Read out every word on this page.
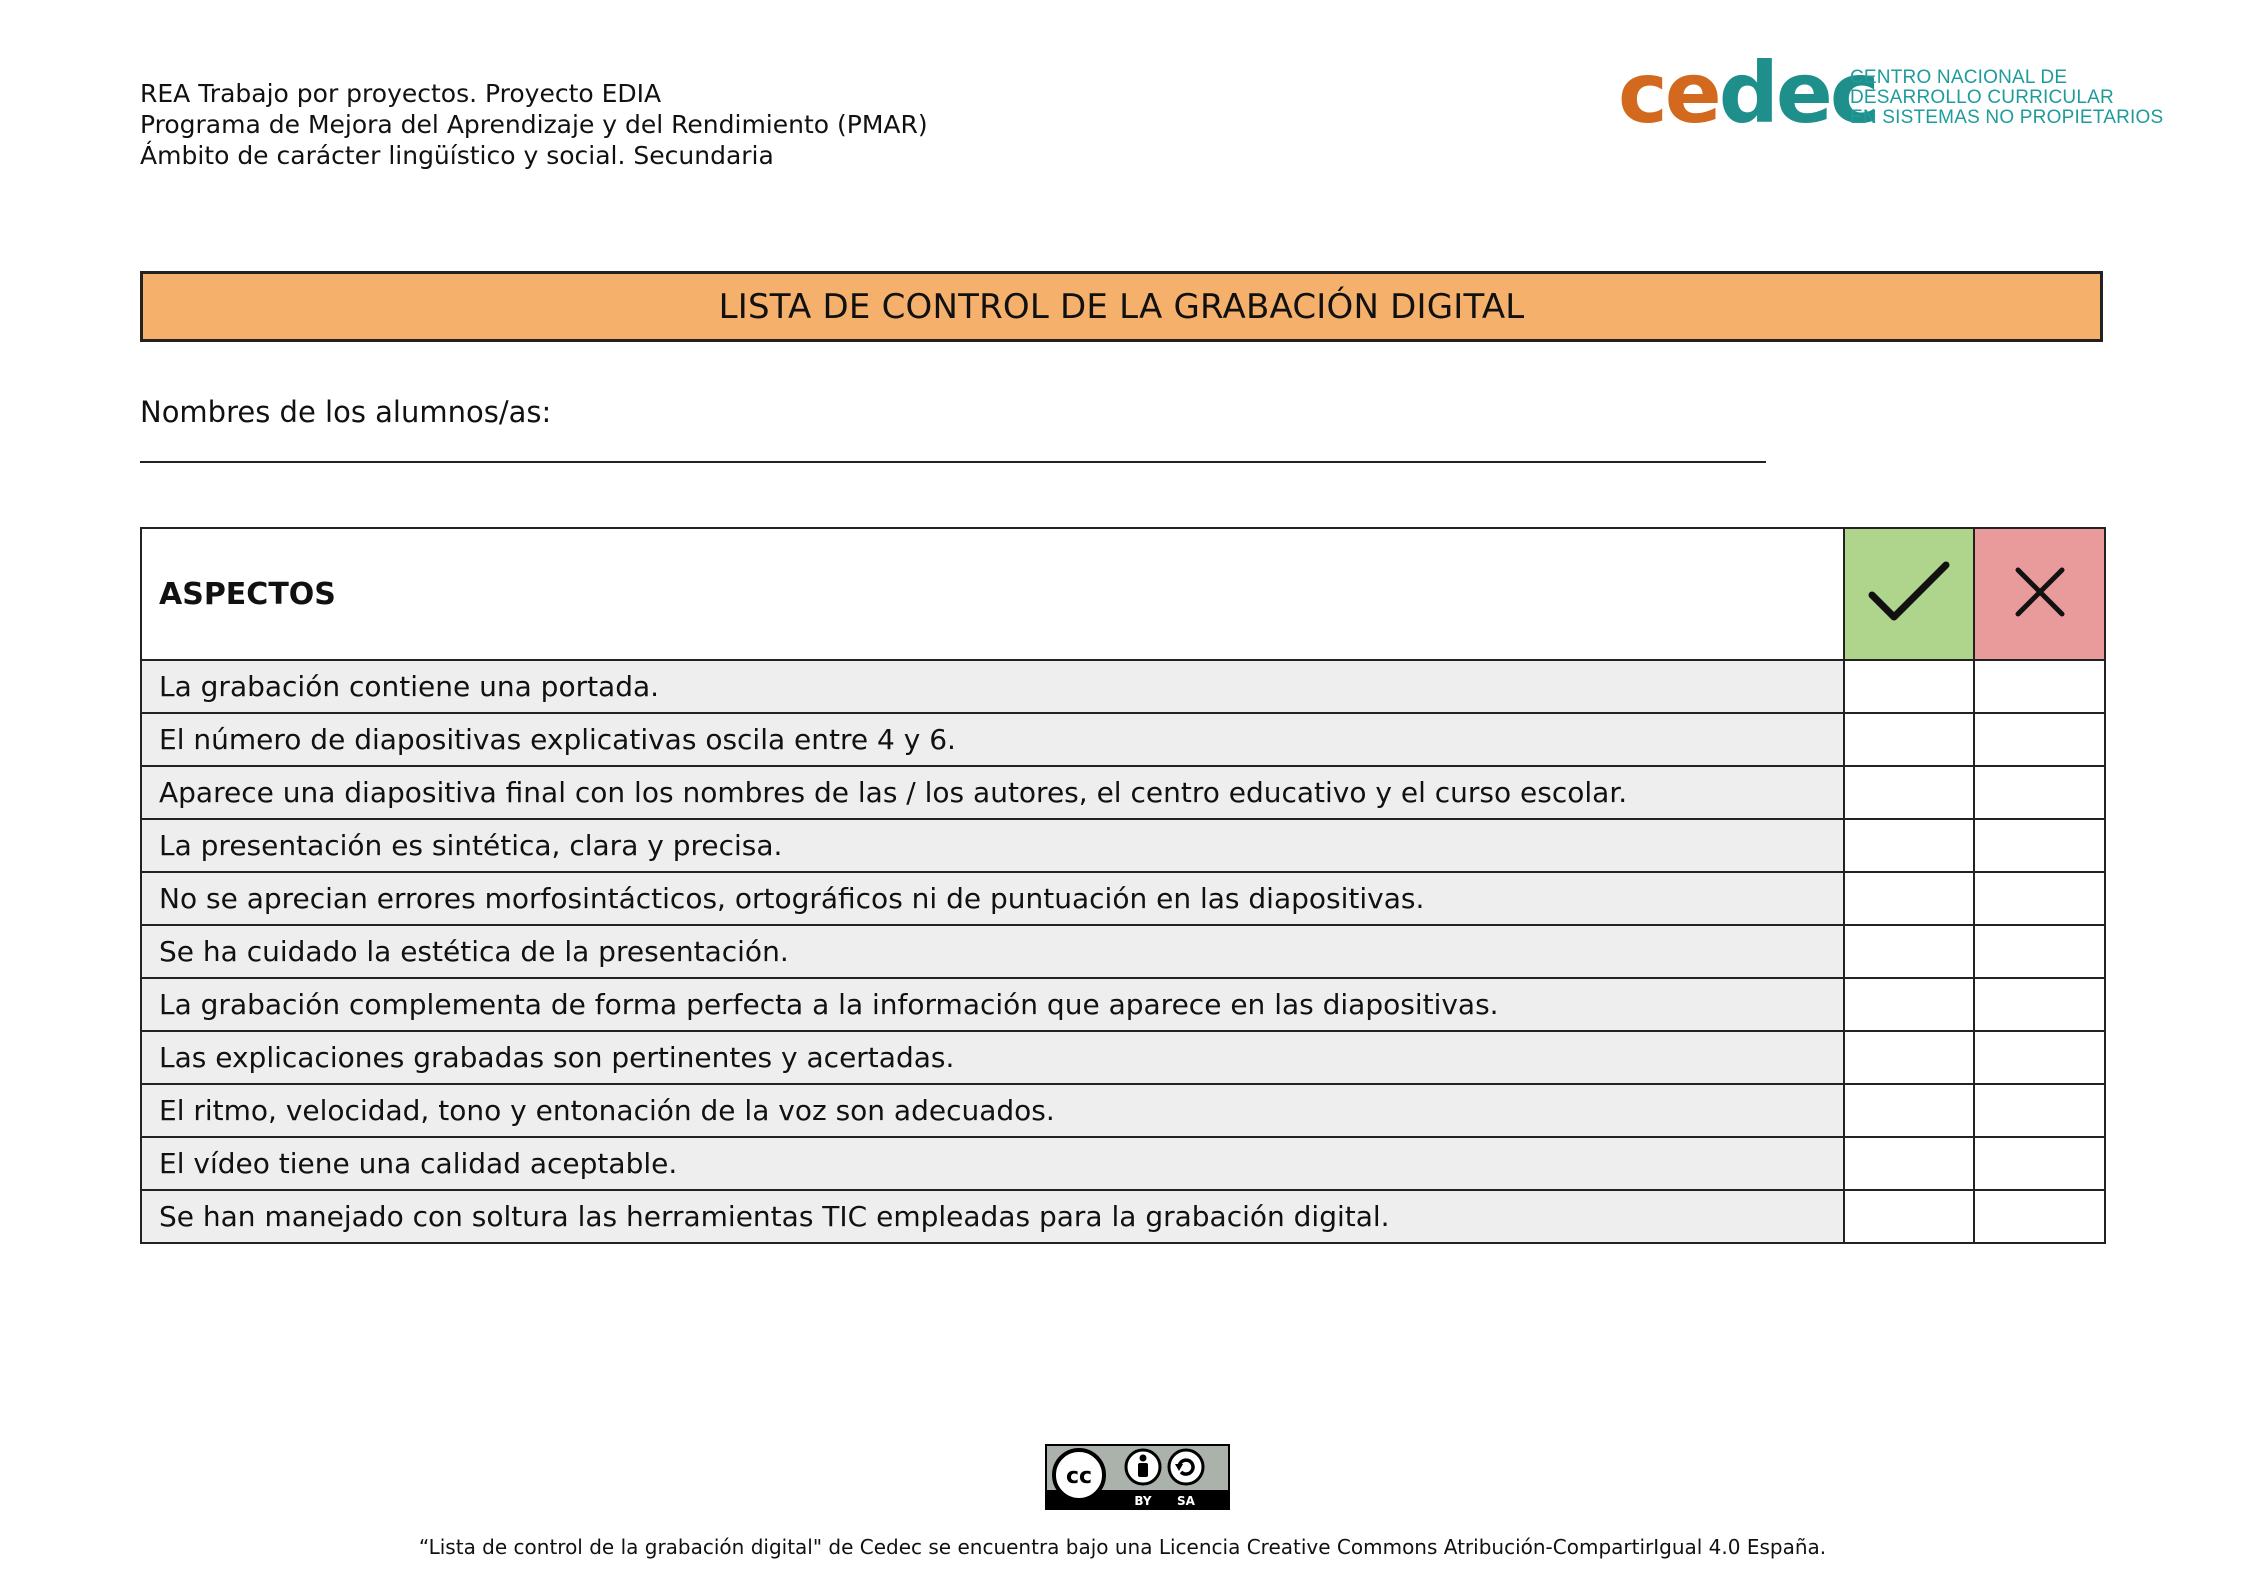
REA Trabajo por proyectos. Proyecto EDIA
Programa de Mejora del Aprendizaje y del Rendimiento (PMAR)
Ámbito de carácter lingüístico y social. Secundaria
cedec
CENTRO NACIONAL DE
DESARROLLO CURRICULAR
EN SISTEMAS NO PROPIETARIOS
LISTA DE CONTROL DE LA GRABACIÓN DIGITAL
Nombres de los alumnos/as:
ASPECTOS		
La grabación contiene una portada.		
El número de diapositivas explicativas oscila entre 4 y 6.		
Aparece una diapositiva final con los nombres de las / los autores, el centro educativo y el curso escolar.		
La presentación es sintética, clara y precisa.		
No se aprecian errores morfosintácticos, ortográficos ni de puntuación en las diapositivas.		
Se ha cuidado la estética de la presentación.		
La grabación complementa de forma perfecta a la información que aparece en las diapositivas.		
Las explicaciones grabadas son pertinentes y acertadas.		
El ritmo, velocidad, tono y entonación de la voz son adecuados.		
El vídeo tiene una calidad aceptable.		
Se han manejado con soltura las herramientas TIC empleadas para la grabación digital.		
cc
BY SA
“Lista de control de la grabación digital" de Cedec se encuentra bajo una Licencia Creative Commons Atribución-CompartirIgual 4.0 España.
